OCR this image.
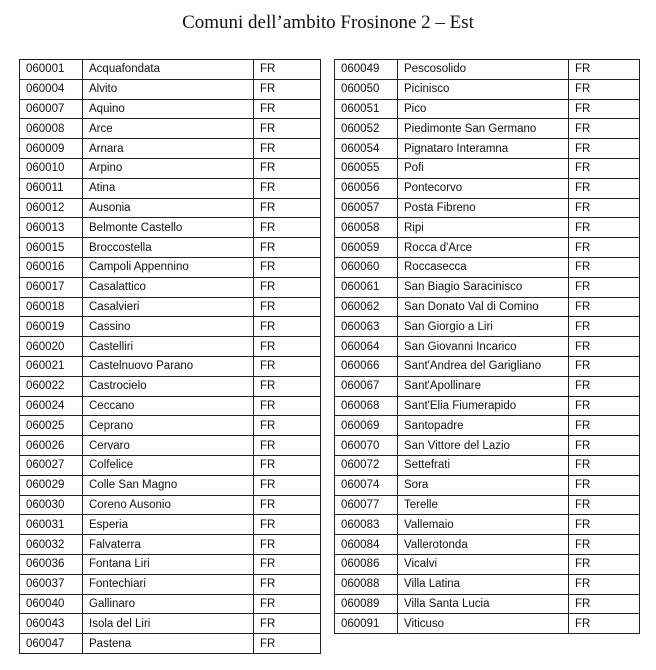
Comuni dell’ambito Frosinone 2 – Est
060001	Acquafondata	FR
060004	Alvito	FR
060007	Aquino	FR
060008	Arce	FR
060009	Arnara	FR
060010	Arpino	FR
060011	Atina	FR
060012	Ausonia	FR
060013	Belmonte Castello	FR
060015	Broccostella	FR
060016	Campoli Appennino	FR
060017	Casalattico	FR
060018	Casalvieri	FR
060019	Cassino	FR
060020	Castelliri	FR
060021	Castelnuovo Parano	FR
060022	Castrocielo	FR
060024	Ceccano	FR
060025	Ceprano	FR
060026	Cervaro	FR
060027	Colfelice	FR
060029	Colle San Magno	FR
060030	Coreno Ausonio	FR
060031	Esperia	FR
060032	Falvaterra	FR
060036	Fontana Liri	FR
060037	Fontechiari	FR
060040	Gallinaro	FR
060043	Isola del Liri	FR
060047	Pastena	FR
060049	Pescosolido	FR
060050	Picinisco	FR
060051	Pico	FR
060052	Piedimonte San Germano	FR
060054	Pignataro Interamna	FR
060055	Pofi	FR
060056	Pontecorvo	FR
060057	Posta Fibreno	FR
060058	Ripi	FR
060059	Rocca d'Arce	FR
060060	Roccasecca	FR
060061	San Biagio Saracinisco	FR
060062	San Donato Val di Comino	FR
060063	San Giorgio a Liri	FR
060064	San Giovanni Incarico	FR
060066	Sant'Andrea del Garigliano	FR
060067	Sant'Apollinare	FR
060068	Sant'Elia Fiumerapido	FR
060069	Santopadre	FR
060070	San Vittore del Lazio	FR
060072	Settefrati	FR
060074	Sora	FR
060077	Terelle	FR
060083	Vallemaio	FR
060084	Vallerotonda	FR
060086	Vicalvi	FR
060088	Villa Latina	FR
060089	Villa Santa Lucia	FR
060091	Viticuso	FR
